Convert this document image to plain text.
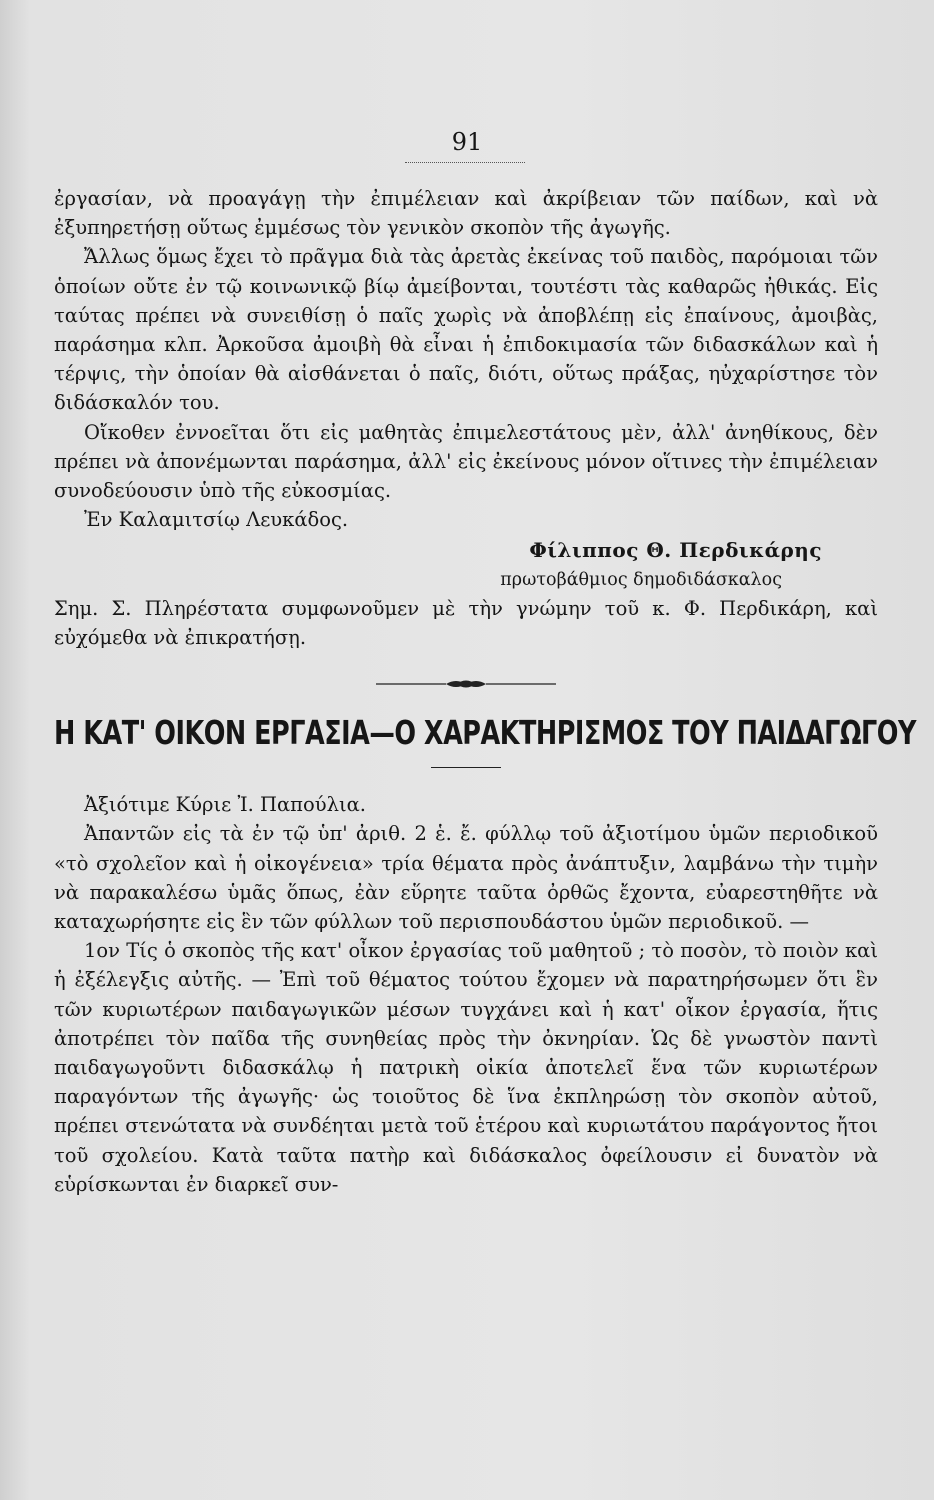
91

ἐργασίαν, νὰ προαγάγῃ τὴν ἐπιμέλειαν καὶ ἀκρίβειαν τῶν παίδων, καὶ νὰ ἐξυπηρετήσῃ οὕτως ἐμμέσως τὸν γενικὸν σκοπὸν τῆς ἀγωγῆς.

Ἄλλως ὅμως ἔχει τὸ πρᾶγμα διὰ τὰς ἀρετὰς ἐκείνας τοῦ παιδὸς, παρόμοιαι τῶν ὁποίων οὔτε ἐν τῷ κοινωνικῷ βίῳ ἀμείβονται, τουτέστι τὰς καθαρῶς ἠθικάς. Εἰς ταύτας πρέπει νὰ συνειθίσῃ ὁ παῖς χωρὶς νὰ ἀποβλέπῃ εἰς ἐπαίνους, ἀμοιβὰς, παράσημα κλπ. Ἀρκοῦσα ἀμοιβὴ θὰ εἶναι ἡ ἐπιδοκιμασία τῶν διδασκάλων καὶ ἡ τέρψις, τὴν ὁποίαν θὰ αἰσθάνεται ὁ παῖς, διότι, οὕτως πράξας, ηὐχαρίστησε τὸν διδάσκαλόν του.

Οἴκοθεν ἐννοεῖται ὅτι εἰς μαθητὰς ἐπιμελεστάτους μὲν, ἀλλ' ἀνηθίκους, δὲν πρέπει νὰ ἀπονέμωνται παράσημα, ἀλλ' εἰς ἐκείνους μόνον οἵτινες τὴν ἐπιμέλειαν συνοδεύουσιν ὑπὸ τῆς εὐκοσμίας.

Ἐν Καλαμιτσίῳ Λευκάδος.

Φίλιππος Θ. Περδικάρης
πρωτοβάθμιος δημοδιδάσκαλος

Σημ. Σ. Πληρέστατα συμφωνοῦμεν μὲ τὴν γνώμην τοῦ κ. Φ. Περδικάρη, καὶ εὐχόμεθα νὰ ἐπικρατήσῃ.

Η ΚΑΤ' ΟΙΚΟΝ ΕΡΓΑΣΙΑ—Ο ΧΑΡΑΚΤΗΡΙΣΜΟΣ ΤΟΥ ΠΑΙΔΑΓΩΓΟΥ

Ἀξιότιμε Κύριε Ἰ. Παπούλια.

Ἀπαντῶν εἰς τὰ ἐν τῷ ὑπ' ἀριθ. 2 ἑ. ἔ. φύλλῳ τοῦ ἀξιοτίμου ὑμῶν περιοδικοῦ «τὸ σχολεῖον καὶ ἡ οἰκογένεια» τρία θέματα πρὸς ἀνάπτυξιν, λαμβάνω τὴν τιμὴν νὰ παρακαλέσω ὑμᾶς ὅπως, ἐὰν εὕρητε ταῦτα ὀρθῶς ἔχοντα, εὐαρεστηθῆτε νὰ καταχωρήσητε εἰς ἓν τῶν φύλλων τοῦ περισπουδάστου ὑμῶν περιοδικοῦ. —

1ον Τίς ὁ σκοπὸς τῆς κατ' οἶκον ἐργασίας τοῦ μαθητοῦ ; τὸ ποσὸν, τὸ ποιὸν καὶ ἡ ἐξέλεγξις αὐτῆς. — Ἐπὶ τοῦ θέματος τούτου ἔχομεν νὰ παρατηρήσωμεν ὅτι ἓν τῶν κυριωτέρων παιδαγωγικῶν μέσων τυγχάνει καὶ ἡ κατ' οἶκον ἐργασία, ἥτις ἀποτρέπει τὸν παῖδα τῆς συνηθείας πρὸς τὴν ὀκνηρίαν. Ὡς δὲ γνωστὸν παντὶ παιδαγωγοῦντι διδασκάλῳ ἡ πατρικὴ οἰκία ἀποτελεῖ ἕνα τῶν κυριωτέρων παραγόντων τῆς ἀγωγῆς· ὡς τοιοῦτος δὲ ἵνα ἐκπληρώσῃ τὸν σκοπὸν αὐτοῦ, πρέπει στενώτατα νὰ συνδέηται μετὰ τοῦ ἑτέρου καὶ κυριωτάτου παράγοντος ἤτοι τοῦ σχολείου. Κατὰ ταῦτα πατὴρ καὶ διδάσκαλος ὀφείλουσιν εἰ δυνατὸν νὰ εὑρίσκωνται ἐν διαρκεῖ συν-
